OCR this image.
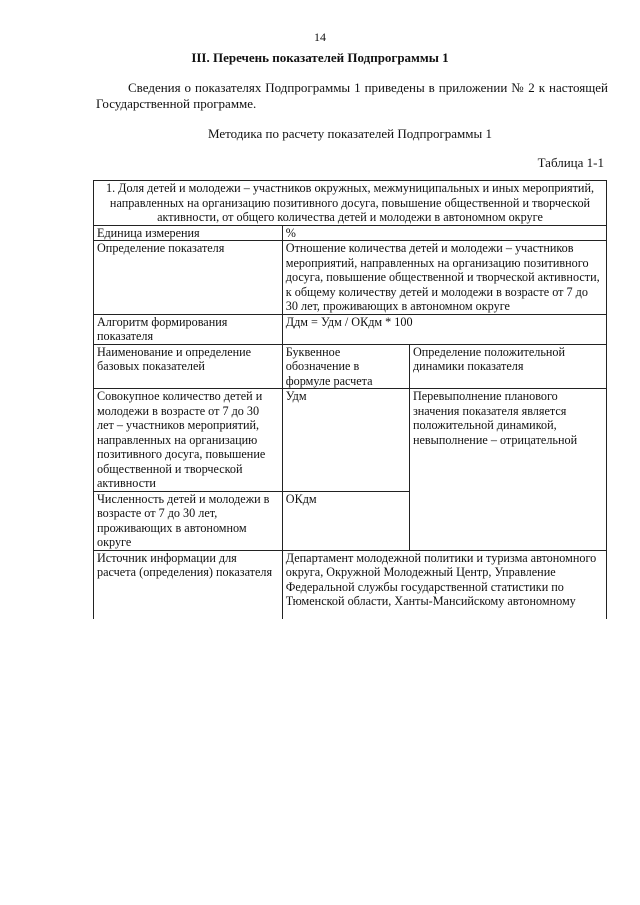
14
III. Перечень показателей Подпрограммы 1

Сведения о показателях Подпрограммы 1 приведены в приложении № 2 к настоящей Государственной программе.

Методика по расчету показателей Подпрограммы 1
Таблица 1-1
1. Доля детей и молодежи – участников окружных, межмуниципальных и иных мероприятий, направленных на организацию позитивного досуга, повышение общественной и творческой активности, от общего количества детей и молодежи в автономном округе		
Единица измерения	%	
Определение показателя	Отношение количества детей и молодежи – участников мероприятий, направленных на организацию позитивного досуга, повышение общественной и творческой активности, к общему количеству детей и молодежи в возрасте от 7 до 30 лет, проживающих в автономном округе	
Алгоритм формирования показателя	Ддм = Удм / ОКдм * 100	
Наименование и определение базовых показателей	Буквенное обозначение в формуле расчета	Определение положительной динамики показателя
Совокупное количество детей и молодежи в возрасте от 7 до 30 лет – участников мероприятий, направленных на организацию позитивного досуга, повышение общественной и творческой активности	Удм	Перевыполнение планового значения показателя является положительной динамикой, невыполнение – отрицательной
Численность детей и молодежи в возрасте от 7 до 30 лет, проживающих в автономном округе	ОКдм	
Источник информации для расчета (определения) показателя	Департамент молодежной политики и туризма автономного округа, Окружной Молодежный Центр, Управление Федеральной службы государственной статистики по Тюменской области, Ханты-Мансийскому автономному	
